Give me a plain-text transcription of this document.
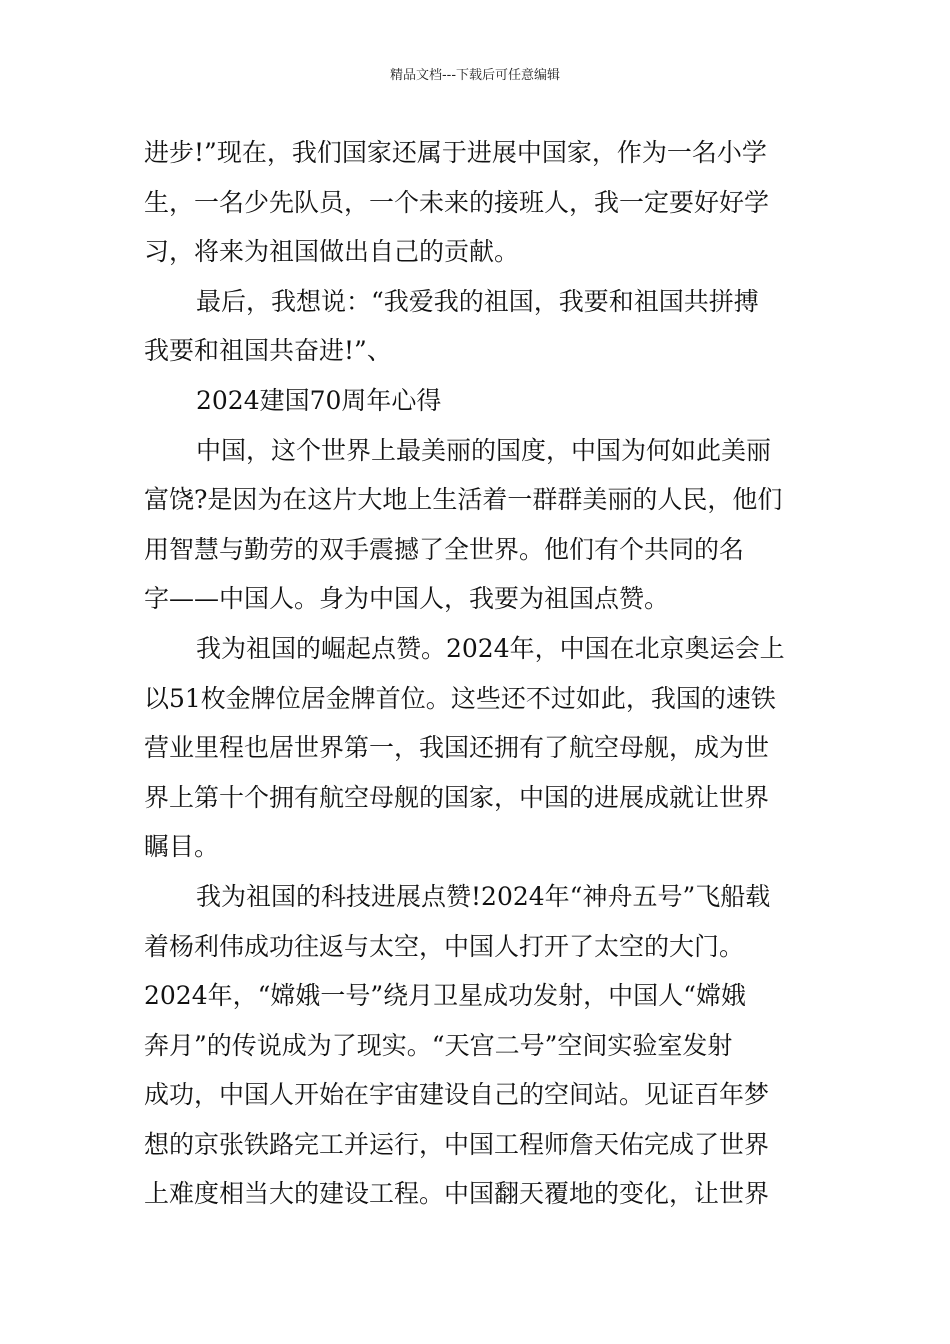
精品文档---下载后可任意编辑
进步!”现在，我们国家还属于进展中国家，作为一名小学
生，一名少先队员，一个未来的接班人，我一定要好好学
习，将来为祖国做出自己的贡献。
最后，我想说：“我爱我的祖国，我要和祖国共拼搏
我要和祖国共奋进!”、
2024建国70周年心得
中国，这个世界上最美丽的国度，中国为何如此美丽
富饶?是因为在这片大地上生活着一群群美丽的人民，他们
用智慧与勤劳的双手震撼了全世界。他们有个共同的名
字——中国人。身为中国人，我要为祖国点赞。
我为祖国的崛起点赞。2024年，中国在北京奥运会上
以51枚金牌位居金牌首位。这些还不过如此，我国的速铁
营业里程也居世界第一，我国还拥有了航空母舰，成为世
界上第十个拥有航空母舰的国家，中国的进展成就让世界
瞩目。
我为祖国的科技进展点赞!2024年“神舟五号”飞船载
着杨利伟成功往返与太空，中国人打开了太空的大门。
2024年，“嫦娥一号”绕月卫星成功发射，中国人“嫦娥
奔月”的传说成为了现实。“天宫二号”空间实验室发射
成功，中国人开始在宇宙建设自己的空间站。见证百年梦
想的京张铁路完工并运行，中国工程师詹天佑完成了世界
上难度相当大的建设工程。中国翻天覆地的变化，让世界
